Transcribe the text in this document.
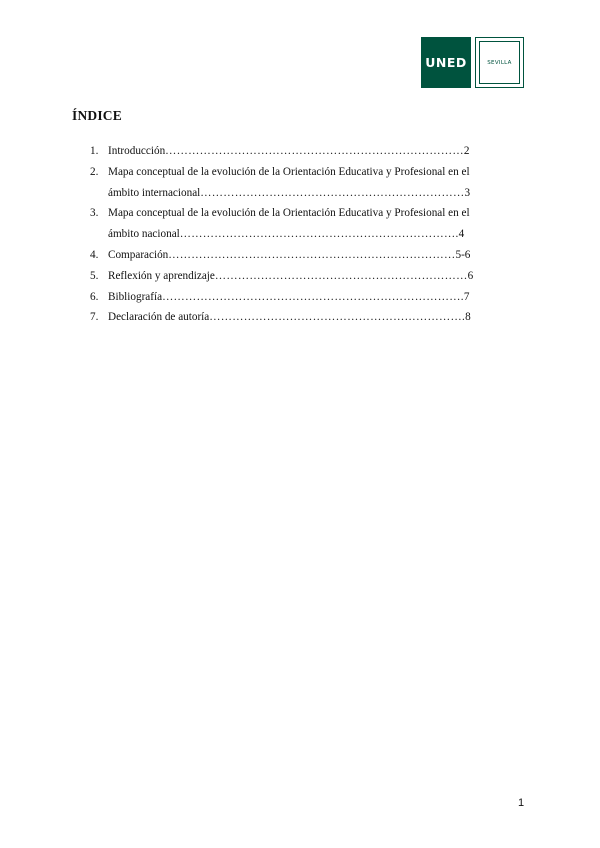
UNED	SEVILLA
ÍNDICE
1. Introducción……………………………………………………………………2
2. Mapa conceptual de la evolución de la Orientación Educativa y Profesional en el
ámbito internacional……………………………………………………………3
3. Mapa conceptual de la evolución de la Orientación Educativa y Profesional en el
ámbito nacional……………………………………………………………….4
4. Comparación…………………………………………………………………5-6
5. Reflexión y aprendizaje…………………………………………………………6
6. Bibliografía…………………………………………………………………….7
7. Declaración de autoría………………………………………………………….8
1
